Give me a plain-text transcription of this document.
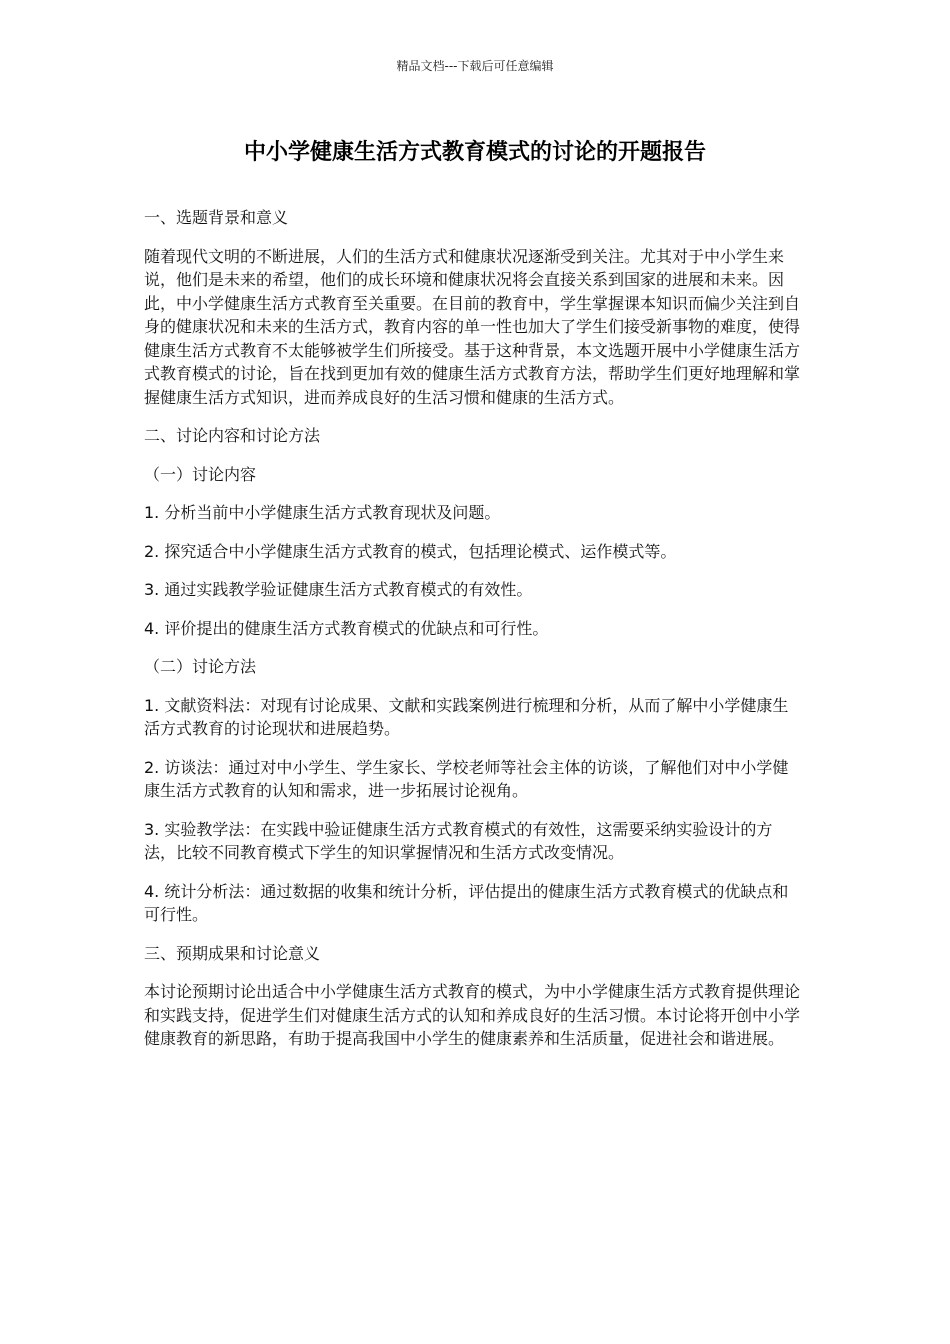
精品文档---下载后可任意编辑
中小学健康生活方式教育模式的讨论的开题报告

一、选题背景和意义

随着现代文明的不断进展，人们的生活方式和健康状况逐渐受到关注。尤其对于中小学生来说，他们是未来的希望，他们的成长环境和健康状况将会直接关系到国家的进展和未来。因此，中小学健康生活方式教育至关重要。在目前的教育中，学生掌握课本知识而偏少关注到自身的健康状况和未来的生活方式，教育内容的单一性也加大了学生们接受新事物的难度，使得健康生活方式教育不太能够被学生们所接受。基于这种背景，本文选题开展中小学健康生活方式教育模式的讨论，旨在找到更加有效的健康生活方式教育方法，帮助学生们更好地理解和掌握健康生活方式知识，进而养成良好的生活习惯和健康的生活方式。

二、讨论内容和讨论方法

（一）讨论内容

1. 分析当前中小学健康生活方式教育现状及问题。

2. 探究适合中小学健康生活方式教育的模式，包括理论模式、运作模式等。

3. 通过实践教学验证健康生活方式教育模式的有效性。

4. 评价提出的健康生活方式教育模式的优缺点和可行性。

（二）讨论方法

1. 文献资料法：对现有讨论成果、文献和实践案例进行梳理和分析，从而了解中小学健康生活方式教育的讨论现状和进展趋势。

2. 访谈法：通过对中小学生、学生家长、学校老师等社会主体的访谈，了解他们对中小学健康生活方式教育的认知和需求，进一步拓展讨论视角。

3. 实验教学法：在实践中验证健康生活方式教育模式的有效性，这需要采纳实验设计的方法，比较不同教育模式下学生的知识掌握情况和生活方式改变情况。

4. 统计分析法：通过数据的收集和统计分析，评估提出的健康生活方式教育模式的优缺点和可行性。

三、预期成果和讨论意义

本讨论预期讨论出适合中小学健康生活方式教育的模式，为中小学健康生活方式教育提供理论和实践支持，促进学生们对健康生活方式的认知和养成良好的生活习惯。本讨论将开创中小学健康教育的新思路，有助于提高我国中小学生的健康素养和生活质量，促进社会和谐进展。
